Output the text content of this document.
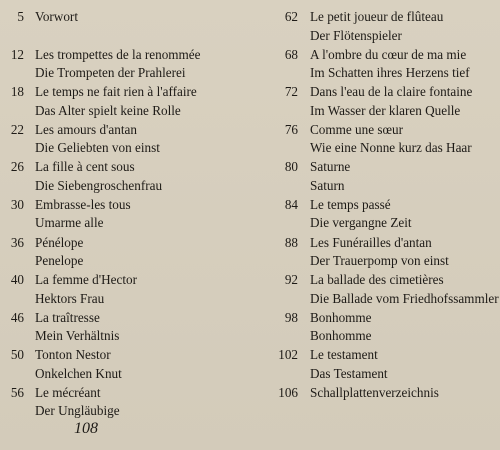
5 Vorwort
12 Les trompettes de la renommée
Die Trompeten der Prahlerei
18 Le temps ne fait rien à l'affaire
Das Alter spielt keine Rolle
22 Les amours d'antan
Die Geliebten von einst
26 La fille à cent sous
Die Siebengroschenfrau
30 Embrasse-les tous
Umarme alle
36 Pénélope
Penelope
40 La femme d'Hector
Hektors Frau
46 La traîtresse
Mein Verhältnis
50 Tonton Nestor
Onkelchen Knut
56 Le mécréant
Der Ungläubige
62 Le petit joueur de flûteau
Der Flötenspieler
68 A l'ombre du cœur de ma mie
Im Schatten ihres Herzens tief
72 Dans l'eau de la claire fontaine
Im Wasser der klaren Quelle
76 Comme une sœur
Wie eine Nonne kurz das Haar
80 Saturne
Saturn
84 Le temps passé
Die vergangne Zeit
88 Les Funérailles d'antan
Der Trauerpomp von einst
92 La ballade des cimetières
Die Ballade vom Friedhofssammler
98 Bonhomme
Bonhomme
102 Le testament
Das Testament
106 Schallplattenverzeichnis
108
